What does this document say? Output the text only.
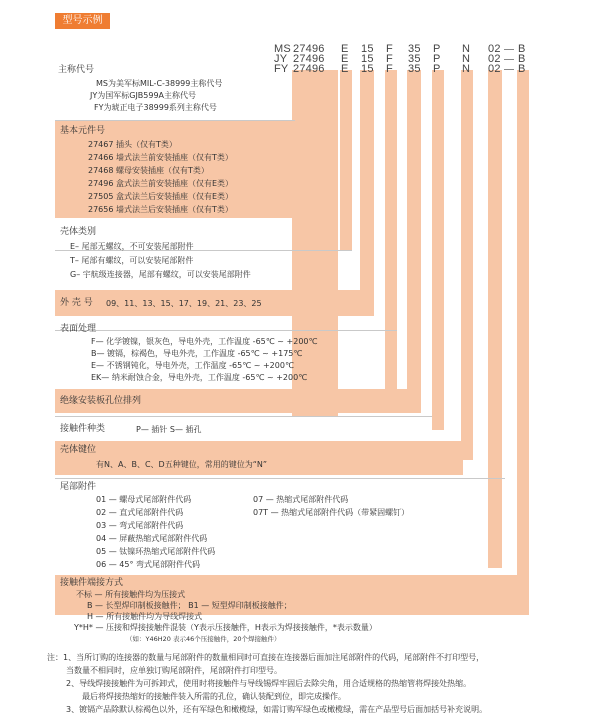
型号示例
MS 27496 E 15 F 35 P N 02 B
JY 27496 E 15 F 35 P N 02 B
FY 27496 E 15 F 35 P N 02 B
主称代号
MS为美军标MIL-C-38999主称代号
JY为国军标GJB599A主称代号
FY为琥正电子38999系列主称代号
基本元件号
27467 插头（仅有T类）
27466 墙式法兰前安装插座（仅有T类）
27468 螺母安装插座（仅有T类）
27496 盒式法兰前安装插座（仅有E类）
27505 盒式法兰后安装插座（仅有E类）
27656 墙式法兰后安装插座（仅有T类）
壳体类别
E– 尾部无螺纹，不可安装尾部附件
T– 尾部有螺纹，可以安装尾部附件
G– 宇航级连接器，尾部有螺纹，可以安装尾部附件
外 壳 号 09、11、13、15、17、19、21、23、25
表面处理
F— 化学镀镍，银灰色，导电外壳，工作温度 -65℃ ~ +200℃
B— 镀镉，棕褐色，导电外壳，工作温度 -65℃ ~ +175℃
E— 不锈钢钝化，导电外壳，工作温度 -65℃ ~ +200℃
EK— 纳米耐蚀合金，导电外壳，工作温度 -65℃ ~ +200℃
绝缘安装板孔位排列
接触件种类	P— 插针 S— 插孔
壳体键位
有N、A、B、C、D五种键位，常用的键位为“N”
尾部附件
01 — 螺母式尾部附件代码
02 — 直式尾部附件代码
03 — 弯式尾部附件代码
04 — 屏蔽热缩式尾部附件代码
05 — 钛镍环热缩式尾部附件代码
06 — 45° 弯式尾部附件代码
07 — 热缩式尾部附件代码
07T — 热缩式尾部附件代码（带紧固螺钉）
接触件端接方式
不标 — 所有接触件均为压接式
B — 长型焊印制板接触件； B1 — 短型焊印制板接触件；
H — 所有接触件均为导线焊接式
Y*H* — 压接和焊接接触件混装（Y表示压接触件，H表示为焊接接触件，*表示数量）
（如：Y46H20 表示46个压接触件，20个焊接触件）
注：1、当所订购的连接器的数量与尾部附件的数量相同时可直接在连接器后面加注尾部附件的代码，尾部附件不打印型号，
当数量不相同时，应单独订购尾部附件，尾部附件打印型号。
2、导线焊接接触件为可拆卸式，使用时将接触件与导线锡焊牢固后去除尖角，用合适规格的热缩管将焊接处热缩。
最后将焊接热缩好的接触件装入所需的孔位，确认装配到位，即完成操作。
3、镀镉产品除默认棕褐色以外，还有军绿色和橄榄绿，如需订购军绿色或橄榄绿，需在产品型号后面加括号补充说明。
